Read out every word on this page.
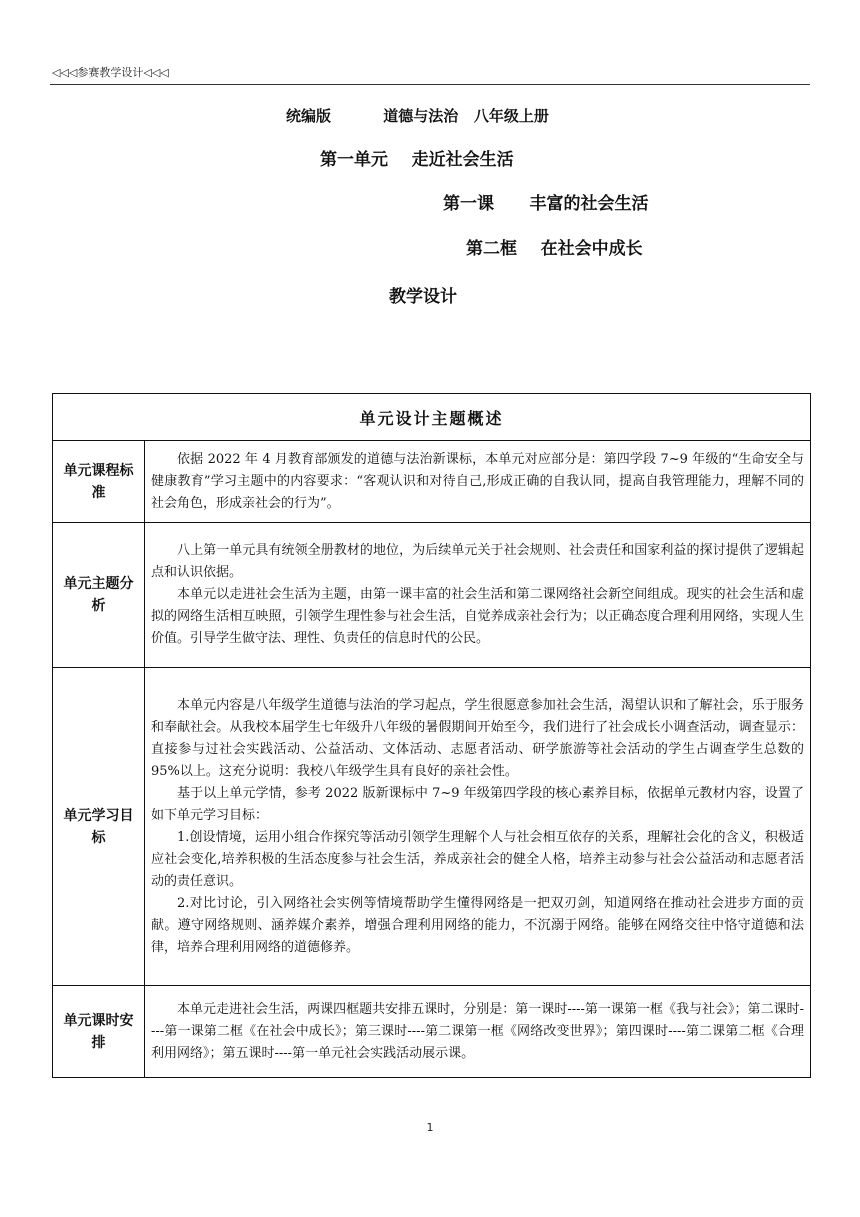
◁◁◁参赛教学设计◁◁◁
统编版          道德与法治   八年级上册
第一单元    走近社会生活
第一课      丰富的社会生活
第二框    在社会中成长
教学设计
单元设计主题概述	
单元课程标准	依据 2022 年 4 月教育部颁发的道德与法治新课标，本单元对应部分是：第四学段 7~9 年级的“生命安全与健康教育”学习主题中的内容要求：“客观认识和对待自己,形成正确的自我认同，提高自我管理能力，理解不同的社会角色，形成亲社会的行为”。

单元主题分析	八上第一单元具有统领全册教材的地位，为后续单元关于社会规则、社会责任和国家利益的探讨提供了逻辑起点和认识依据。

本单元以走进社会生活为主题，由第一课丰富的社会生活和第二课网络社会新空间组成。现实的社会生活和虚拟的网络生活相互映照，引领学生理性参与社会生活，自觉养成亲社会行为；以正确态度合理利用网络，实现人生价值。引导学生做守法、理性、负责任的信息时代的公民。

单元学习目标	本单元内容是八年级学生道德与法治的学习起点，学生很愿意参加社会生活，渴望认识和了解社会，乐于服务和奉献社会。从我校本届学生七年级升八年级的暑假期间开始至今，我们进行了社会成长小调查活动，调查显示：直接参与过社会实践活动、公益活动、文体活动、志愿者活动、研学旅游等社会活动的学生占调查学生总数的 95%以上。这充分说明：我校八年级学生具有良好的亲社会性。

基于以上单元学情，参考 2022 版新课标中 7~9 年级第四学段的核心素养目标，依据单元教材内容，设置了如下单元学习目标：

1.创设情境，运用小组合作探究等活动引领学生理解个人与社会相互依存的关系，理解社会化的含义，积极适应社会变化,培养积极的生活态度参与社会生活，养成亲社会的健全人格，培养主动参与社会公益活动和志愿者活动的责任意识。

2.对比讨论，引入网络社会实例等情境帮助学生懂得网络是一把双刃剑，知道网络在推动社会进步方面的贡献。遵守网络规则、涵养媒介素养，增强合理利用网络的能力，不沉溺于网络。能够在网络交往中恪守道德和法律，培养合理利用网络的道德修养。

单元课时安排	本单元走进社会生活，两课四框题共安排五课时，分别是：第一课时----第一课第一框《我与社会》；第二课时----第一课第二框《在社会中成长》；第三课时----第二课第一框《网络改变世界》；第四课时----第二课第二框《合理利用网络》；第五课时----第一单元社会实践活动展示课。

1
